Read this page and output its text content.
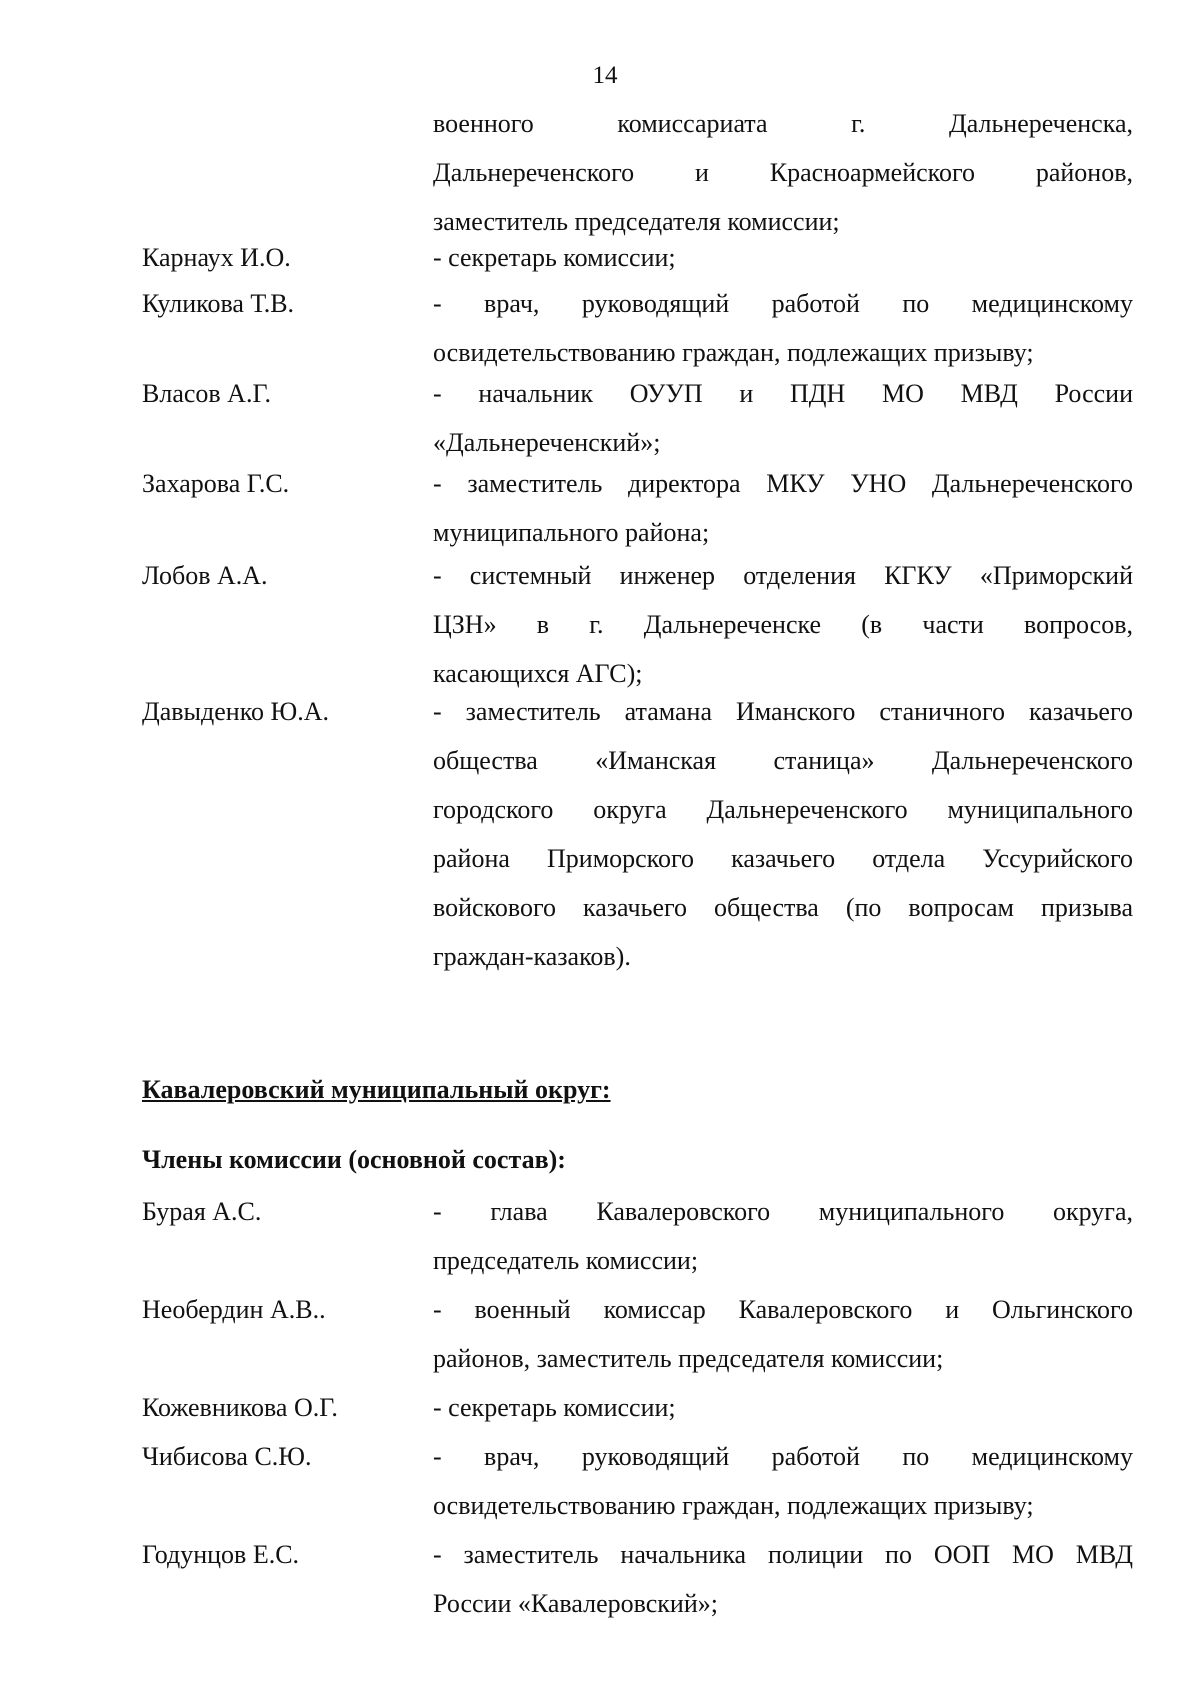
14
военного комиссариата г. Дальнереченска,
Дальнереченского и Красноармейского районов,
заместитель председателя комиссии;
Карнаух И.О.	- секретарь комиссии;
Куликова Т.В.	- врач, руководящий работой по медицинскому
освидетельствованию граждан, подлежащих призыву;
Власов А.Г.	- начальник ОУУП и ПДН МО МВД России
«Дальнереченский»;
Захарова Г.С.	- заместитель директора МКУ УНО Дальнереченского
муниципального района;
Лобов А.А.	- системный инженер отделения КГКУ «Приморский
ЦЗН» в г. Дальнереченске (в части вопросов,
касающихся АГС);
Давыденко Ю.А.	- заместитель атамана Иманского станичного казачьего
общества «Иманская станица» Дальнереченского
городского округа Дальнереченского муниципального
района Приморского казачьего отдела Уссурийского
войскового казачьего общества (по вопросам призыва
граждан-казаков).
Кавалеровский муниципальный округ:
Члены комиссии (основной состав):
Бурая А.С.	- глава Кавалеровского муниципального округа,
председатель комиссии;
Необердин А.В..	- военный комиссар Кавалеровского и Ольгинского
районов, заместитель председателя комиссии;
Кожевникова О.Г.	- секретарь комиссии;
Чибисова С.Ю.	- врач, руководящий работой по медицинскому
освидетельствованию граждан, подлежащих призыву;
Годунцов Е.С.	- заместитель начальника полиции по ООП МО МВД
России «Кавалеровский»;
